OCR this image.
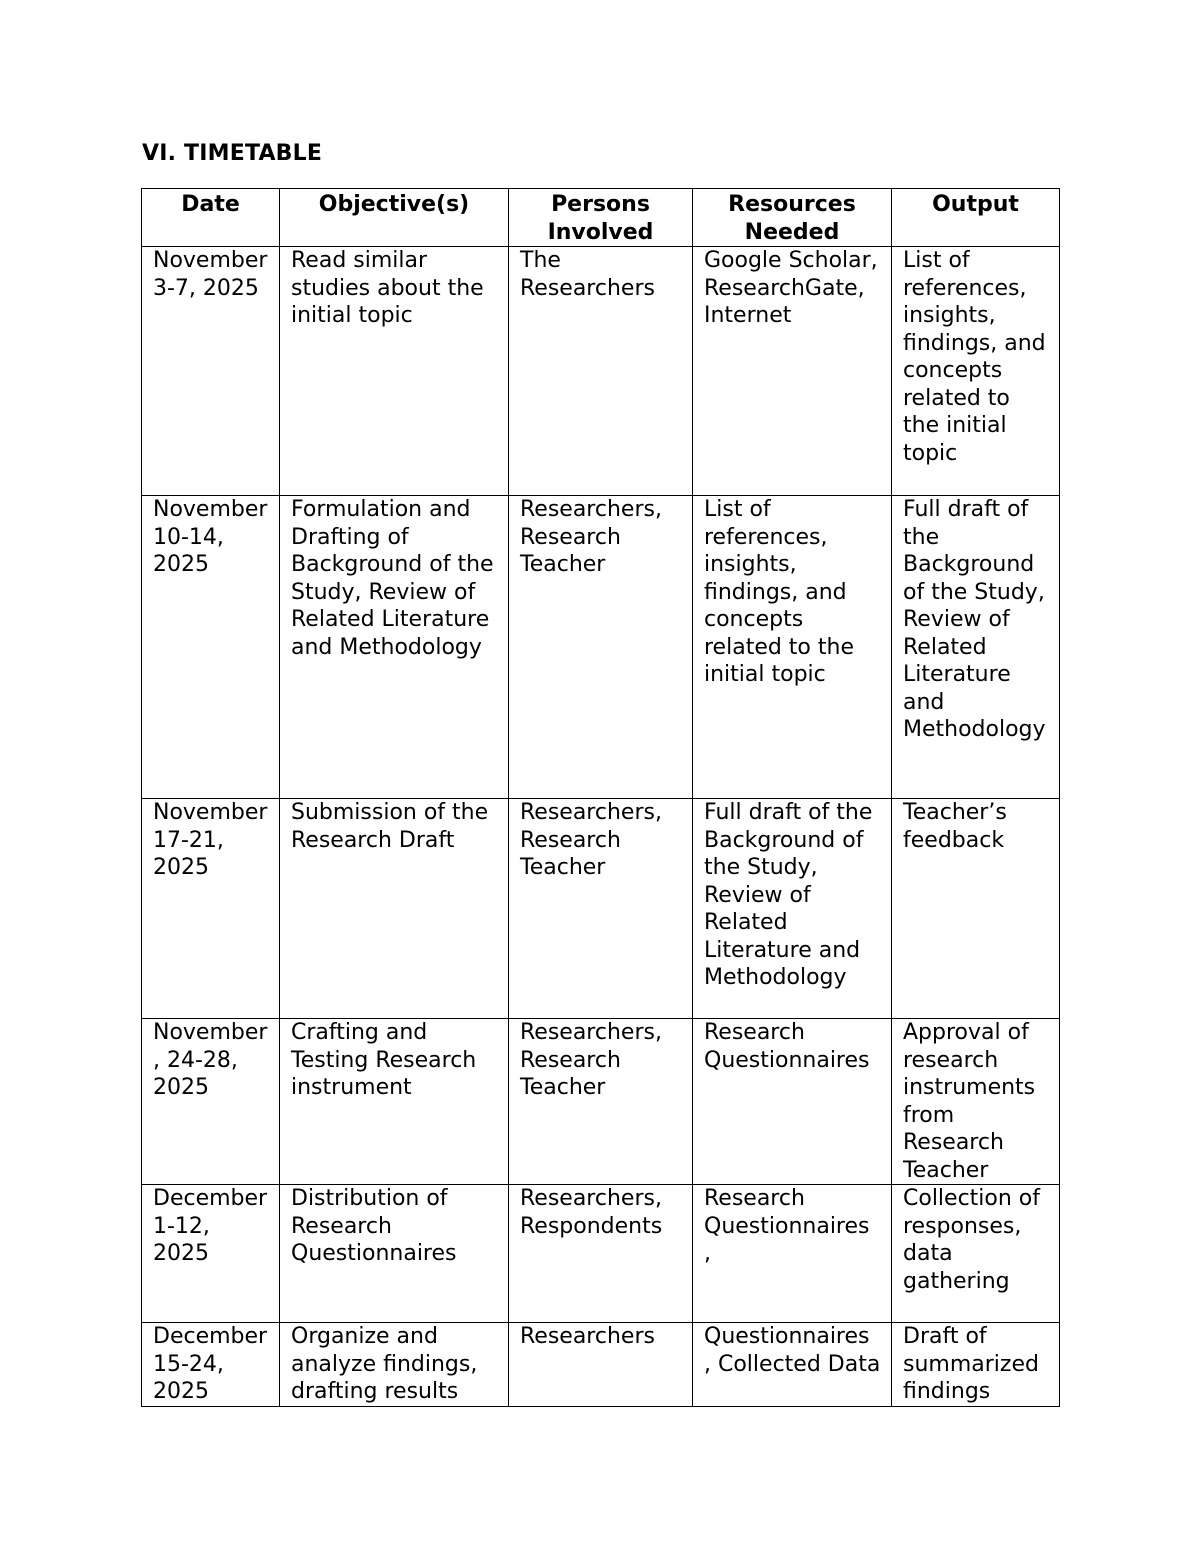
VI. TIMETABLE
Date	Objective(s)	Persons Involved	Resources Needed	Output
November 3-7, 2025	Read similar studies about the initial topic	The Researchers	Google Scholar, ResearchGate, Internet	List of references, insights, findings, and concepts related to the initial topic
November 10-14, 2025	Formulation and Drafting of Background of the Study, Review of Related Literature and Methodology	Researchers, Research Teacher	List of references, insights, findings, and concepts related to the initial topic	Full draft of the Background of the Study, Review of Related Literature and Methodology
November 17-21, 2025	Submission of the Research Draft	Researchers, Research Teacher	Full draft of the Background of the Study, Review of Related Literature and Methodology	Teacher’s feedback
November , 24-28, 2025	Crafting and Testing Research instrument	Researchers, Research Teacher	Research Questionnaires	Approval of research instruments from Research Teacher
December 1-12, 2025	Distribution of Research Questionnaires	Researchers, Respondents	Research Questionnaires ,	Collection of responses, data gathering
December 15-24, 2025	Organize and analyze findings, drafting results	Researchers	Questionnaires , Collected Data	Draft of summarized findings
